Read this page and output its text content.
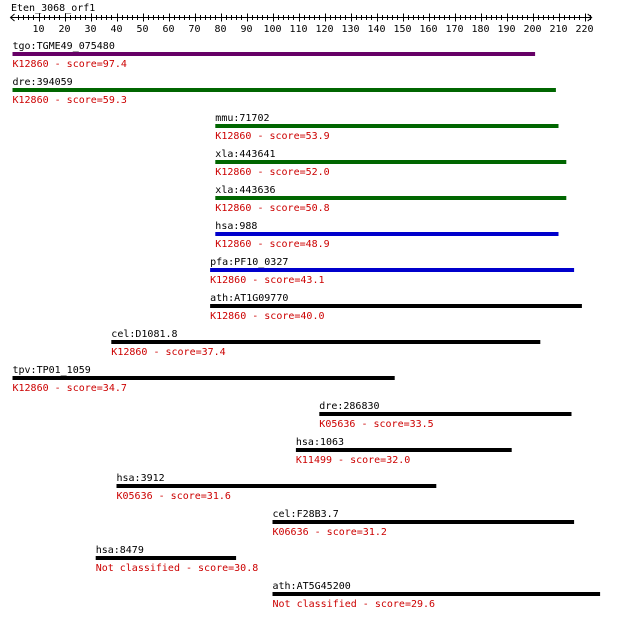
Eten_3068_orf1
10 20 30 40 50 60 70 80 90 100 110 120 130 140 150 160 170 180 190 200 210 220
tgo:TGME49_075480
K12860 - score=97.4
dre:394059
K12860 - score=59.3
mmu:71702
K12860 - score=53.9
xla:443641
K12860 - score=52.0
xla:443636
K12860 - score=50.8
hsa:988
K12860 - score=48.9
pfa:PF10_0327
K12860 - score=43.1
ath:AT1G09770
K12860 - score=40.0
cel:D1081.8
K12860 - score=37.4
tpv:TP01_1059
K12860 - score=34.7
dre:286830
K05636 - score=33.5
hsa:1063
K11499 - score=32.0
hsa:3912
K05636 - score=31.6
cel:F28B3.7
K06636 - score=31.2
hsa:8479
Not classified - score=30.8
ath:AT5G45200
Not classified - score=29.6
